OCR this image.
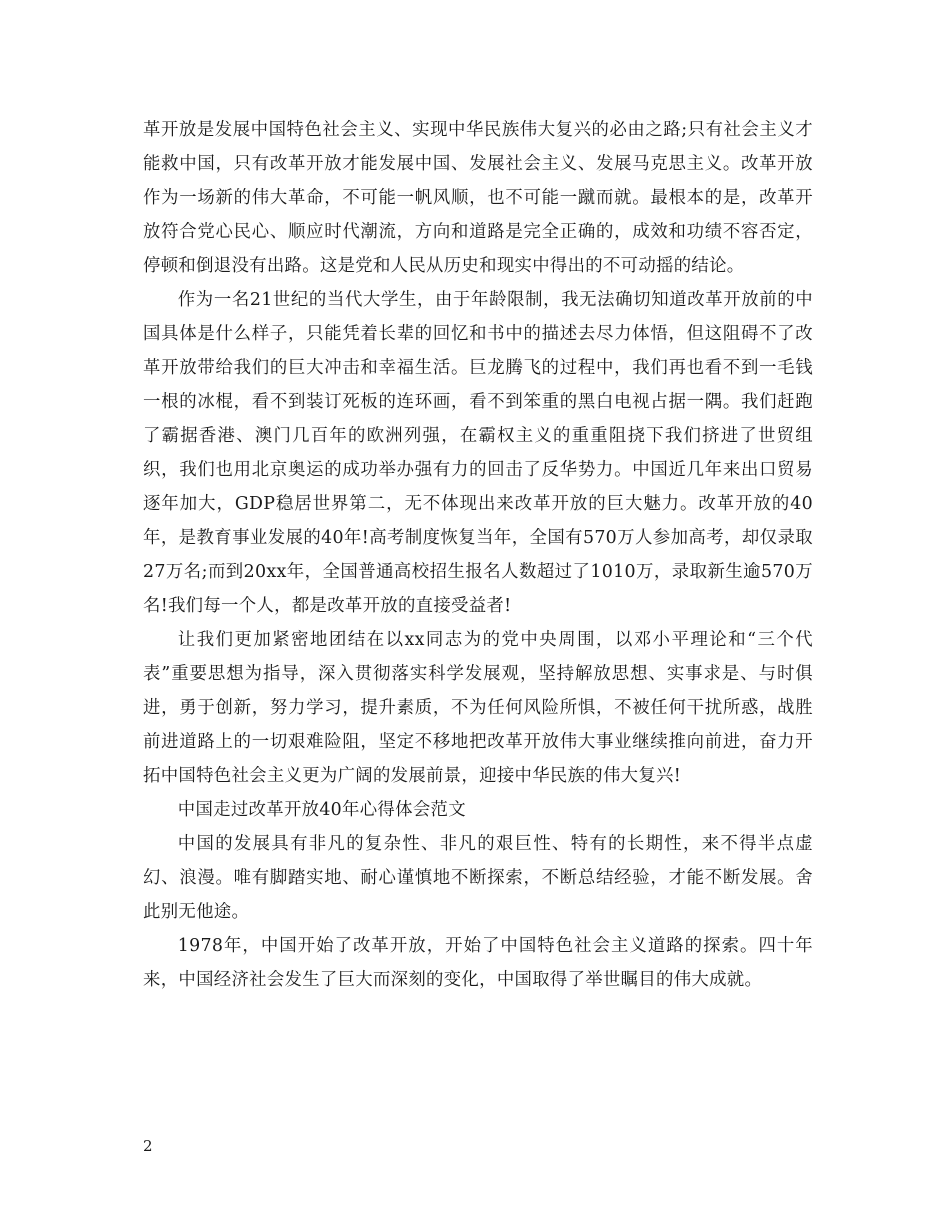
革开放是发展中国特色社会主义、实现中华民族伟大复兴的必由之路;只有社会主义才能救中国，只有改革开放才能发展中国、发展社会主义、发展马克思主义。改革开放作为一场新的伟大革命，不可能一帆风顺，也不可能一蹴而就。最根本的是，改革开放符合党心民心、顺应时代潮流，方向和道路是完全正确的，成效和功绩不容否定，停顿和倒退没有出路。这是党和人民从历史和现实中得出的不可动摇的结论。

作为一名21世纪的当代大学生，由于年龄限制，我无法确切知道改革开放前的中国具体是什么样子，只能凭着长辈的回忆和书中的描述去尽力体悟，但这阻碍不了改革开放带给我们的巨大冲击和幸福生活。巨龙腾飞的过程中，我们再也看不到一毛钱一根的冰棍，看不到装订死板的连环画，看不到笨重的黑白电视占据一隅。我们赶跑了霸据香港、澳门几百年的欧洲列强，在霸权主义的重重阻挠下我们挤进了世贸组织，我们也用北京奥运的成功举办强有力的回击了反华势力。中国近几年来出口贸易逐年加大，GDP稳居世界第二，无不体现出来改革开放的巨大魅力。改革开放的40年，是教育事业发展的40年!高考制度恢复当年，全国有570万人参加高考，却仅录取27万名;而到20xx年，全国普通高校招生报名人数超过了1010万，录取新生逾570万名!我们每一个人，都是改革开放的直接受益者!

让我们更加紧密地团结在以xx同志为的党中央周围，以邓小平理论和“三个代表”重要思想为指导，深入贯彻落实科学发展观，坚持解放思想、实事求是、与时俱进，勇于创新，努力学习，提升素质，不为任何风险所惧，不被任何干扰所惑，战胜前进道路上的一切艰难险阻，坚定不移地把改革开放伟大事业继续推向前进，奋力开拓中国特色社会主义更为广阔的发展前景，迎接中华民族的伟大复兴!

中国走过改革开放40年心得体会范文

中国的发展具有非凡的复杂性、非凡的艰巨性、特有的长期性，来不得半点虚幻、浪漫。唯有脚踏实地、耐心谨慎地不断探索，不断总结经验，才能不断发展。舍此别无他途。

1978年，中国开始了改革开放，开始了中国特色社会主义道路的探索。四十年来，中国经济社会发生了巨大而深刻的变化，中国取得了举世瞩目的伟大成就。

2
